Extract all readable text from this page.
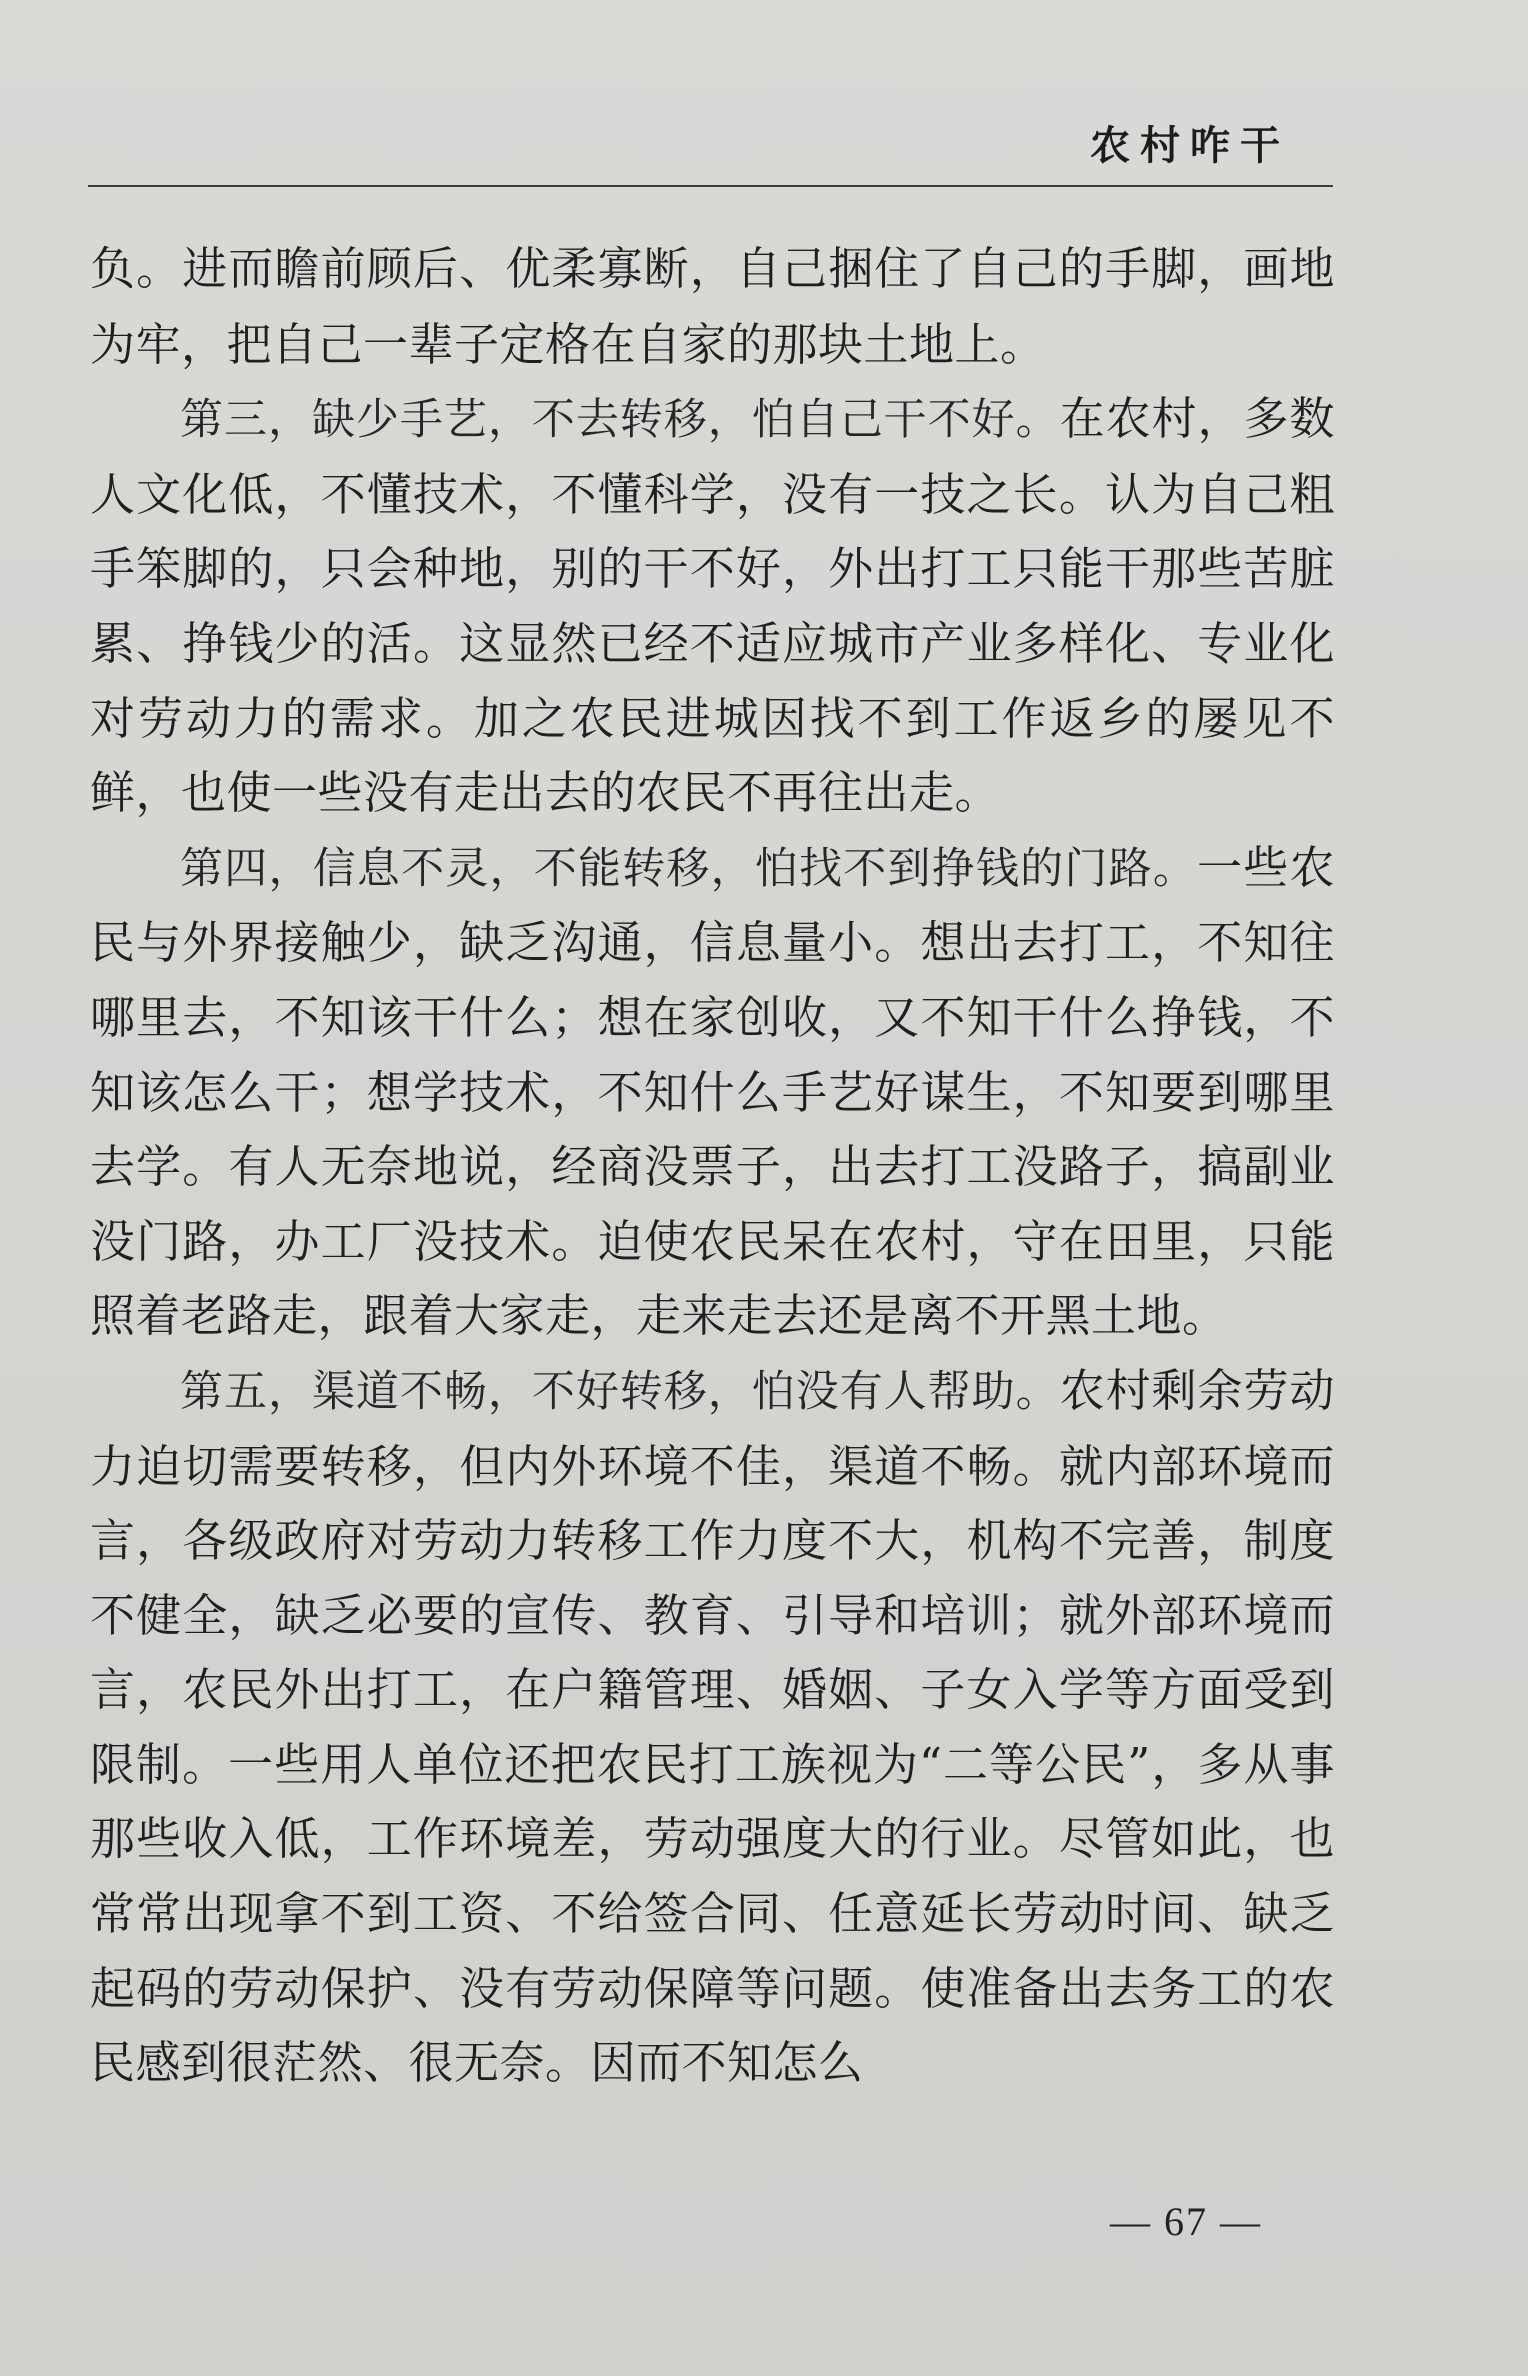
农村咋干

负。进而瞻前顾后、优柔寡断，自己捆住了自己的手脚，画地为牢，把自己一辈子定格在自家的那块土地上。

第三，缺少手艺，不去转移，怕自己干不好。在农村，多数人文化低，不懂技术，不懂科学，没有一技之长。认为自己粗手笨脚的，只会种地，别的干不好，外出打工只能干那些苦脏累、挣钱少的活。这显然已经不适应城市产业多样化、专业化对劳动力的需求。加之农民进城因找不到工作返乡的屡见不鲜，也使一些没有走出去的农民不再往出走。

第四，信息不灵，不能转移，怕找不到挣钱的门路。一些农民与外界接触少，缺乏沟通，信息量小。想出去打工，不知往哪里去，不知该干什么；想在家创收，又不知干什么挣钱，不知该怎么干；想学技术，不知什么手艺好谋生，不知要到哪里去学。有人无奈地说，经商没票子，出去打工没路子，搞副业没门路，办工厂没技术。迫使农民呆在农村，守在田里，只能照着老路走，跟着大家走，走来走去还是离不开黑土地。

第五，渠道不畅，不好转移，怕没有人帮助。农村剩余劳动力迫切需要转移，但内外环境不佳，渠道不畅。就内部环境而言，各级政府对劳动力转移工作力度不大，机构不完善，制度不健全，缺乏必要的宣传、教育、引导和培训；就外部环境而言，农民外出打工，在户籍管理、婚姻、子女入学等方面受到限制。一些用人单位还把农民打工族视为“二等公民”，多从事那些收入低，工作环境差，劳动强度大的行业。尽管如此，也常常出现拿不到工资、不给签合同、任意延长劳动时间、缺乏起码的劳动保护、没有劳动保障等问题。使准备出去务工的农民感到很茫然、很无奈。因而不知怎么

— 67 —
